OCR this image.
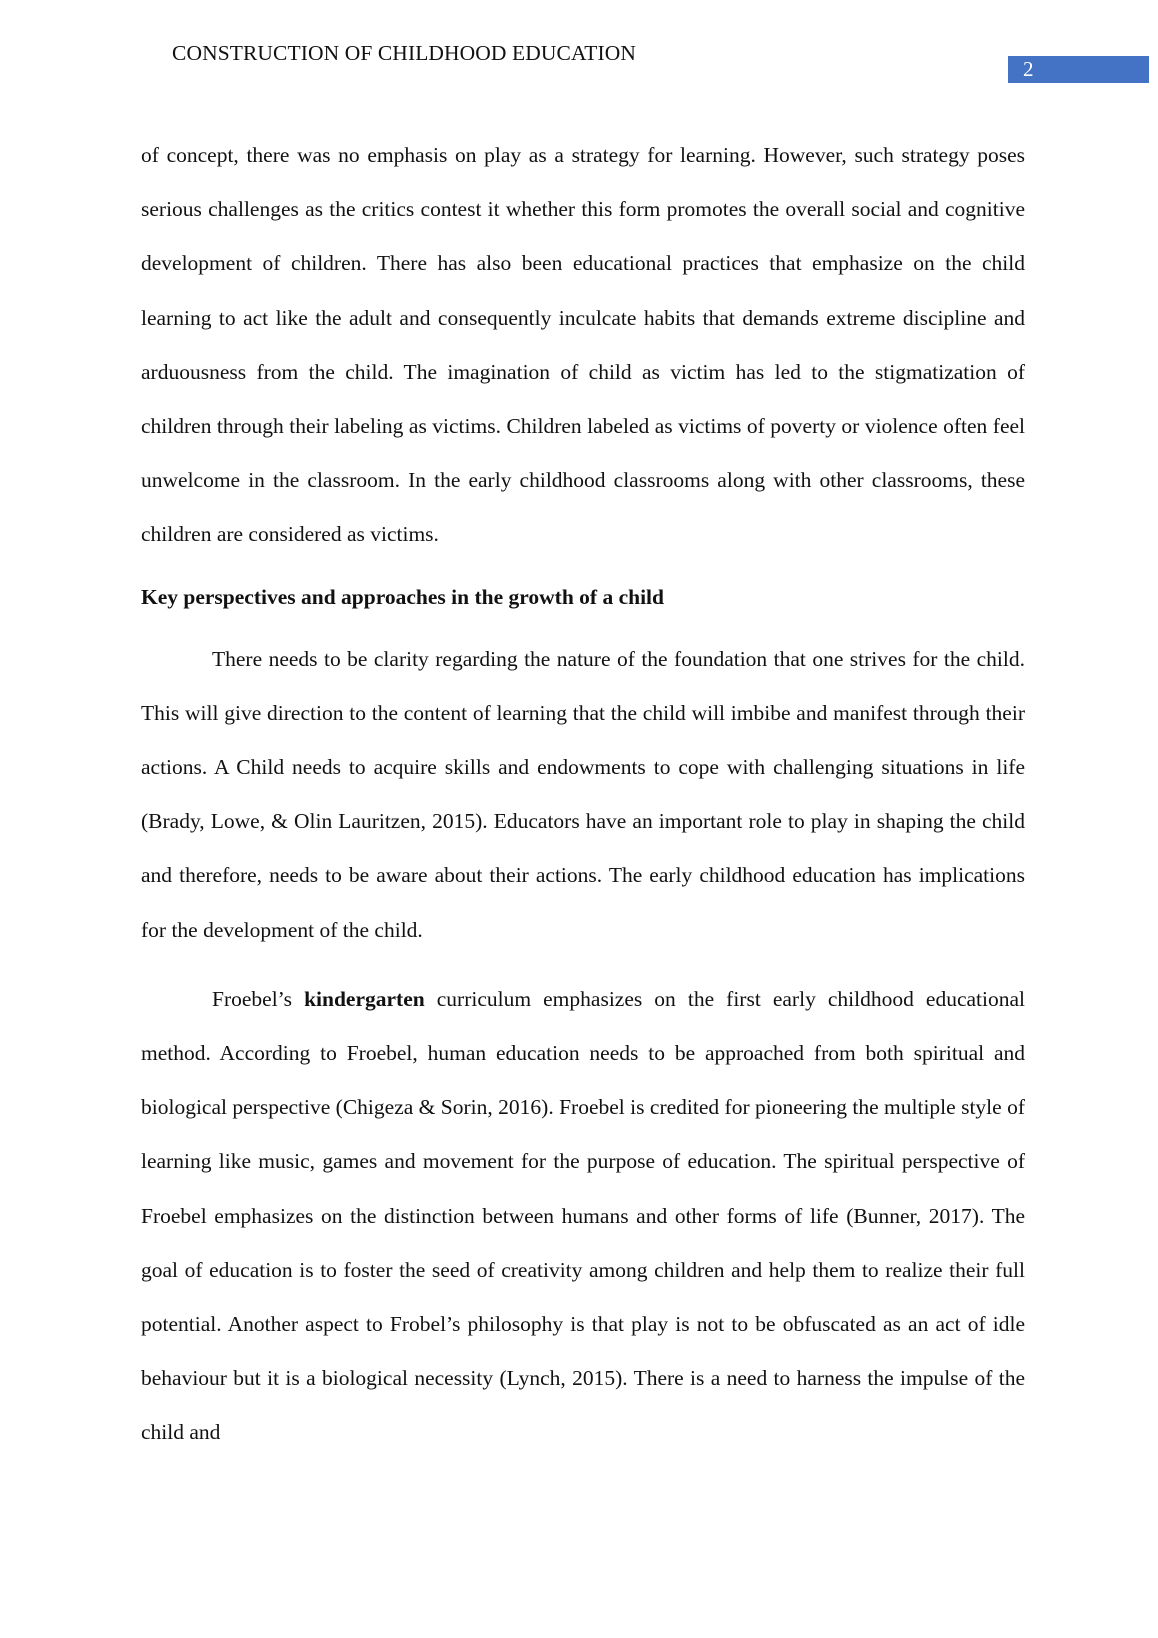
CONSTRUCTION OF CHILDHOOD EDUCATION
2

of concept, there was no emphasis on play as a strategy for learning. However, such strategy poses serious challenges as the critics contest it whether this form promotes the overall social and cognitive development of children. There has also been educational practices that emphasize on the child learning to act like the adult and consequently inculcate habits that demands extreme discipline and arduousness from the child. The imagination of child as victim has led to the stigmatization of children through their labeling as victims. Children labeled as victims of poverty or violence often feel unwelcome in the classroom. In the early childhood classrooms along with other classrooms, these children are considered as victims.

Key perspectives and approaches in the growth of a child

There needs to be clarity regarding the nature of the foundation that one strives for the child. This will give direction to the content of learning that the child will imbibe and manifest through their actions. A Child needs to acquire skills and endowments to cope with challenging situations in life (Brady, Lowe, & Olin Lauritzen, 2015). Educators have an important role to play in shaping the child and therefore, needs to be aware about their actions. The early childhood education has implications for the development of the child.

Froebel’s kindergarten curriculum emphasizes on the first early childhood educational method. According to Froebel, human education needs to be approached from both spiritual and biological perspective (Chigeza & Sorin, 2016). Froebel is credited for pioneering the multiple style of learning like music, games and movement for the purpose of education. The spiritual perspective of Froebel emphasizes on the distinction between humans and other forms of life (Bunner, 2017). The goal of education is to foster the seed of creativity among children and help them to realize their full potential. Another aspect to Frobel’s philosophy is that play is not to be obfuscated as an act of idle behaviour but it is a biological necessity (Lynch, 2015). There is a need to harness the impulse of the child and
